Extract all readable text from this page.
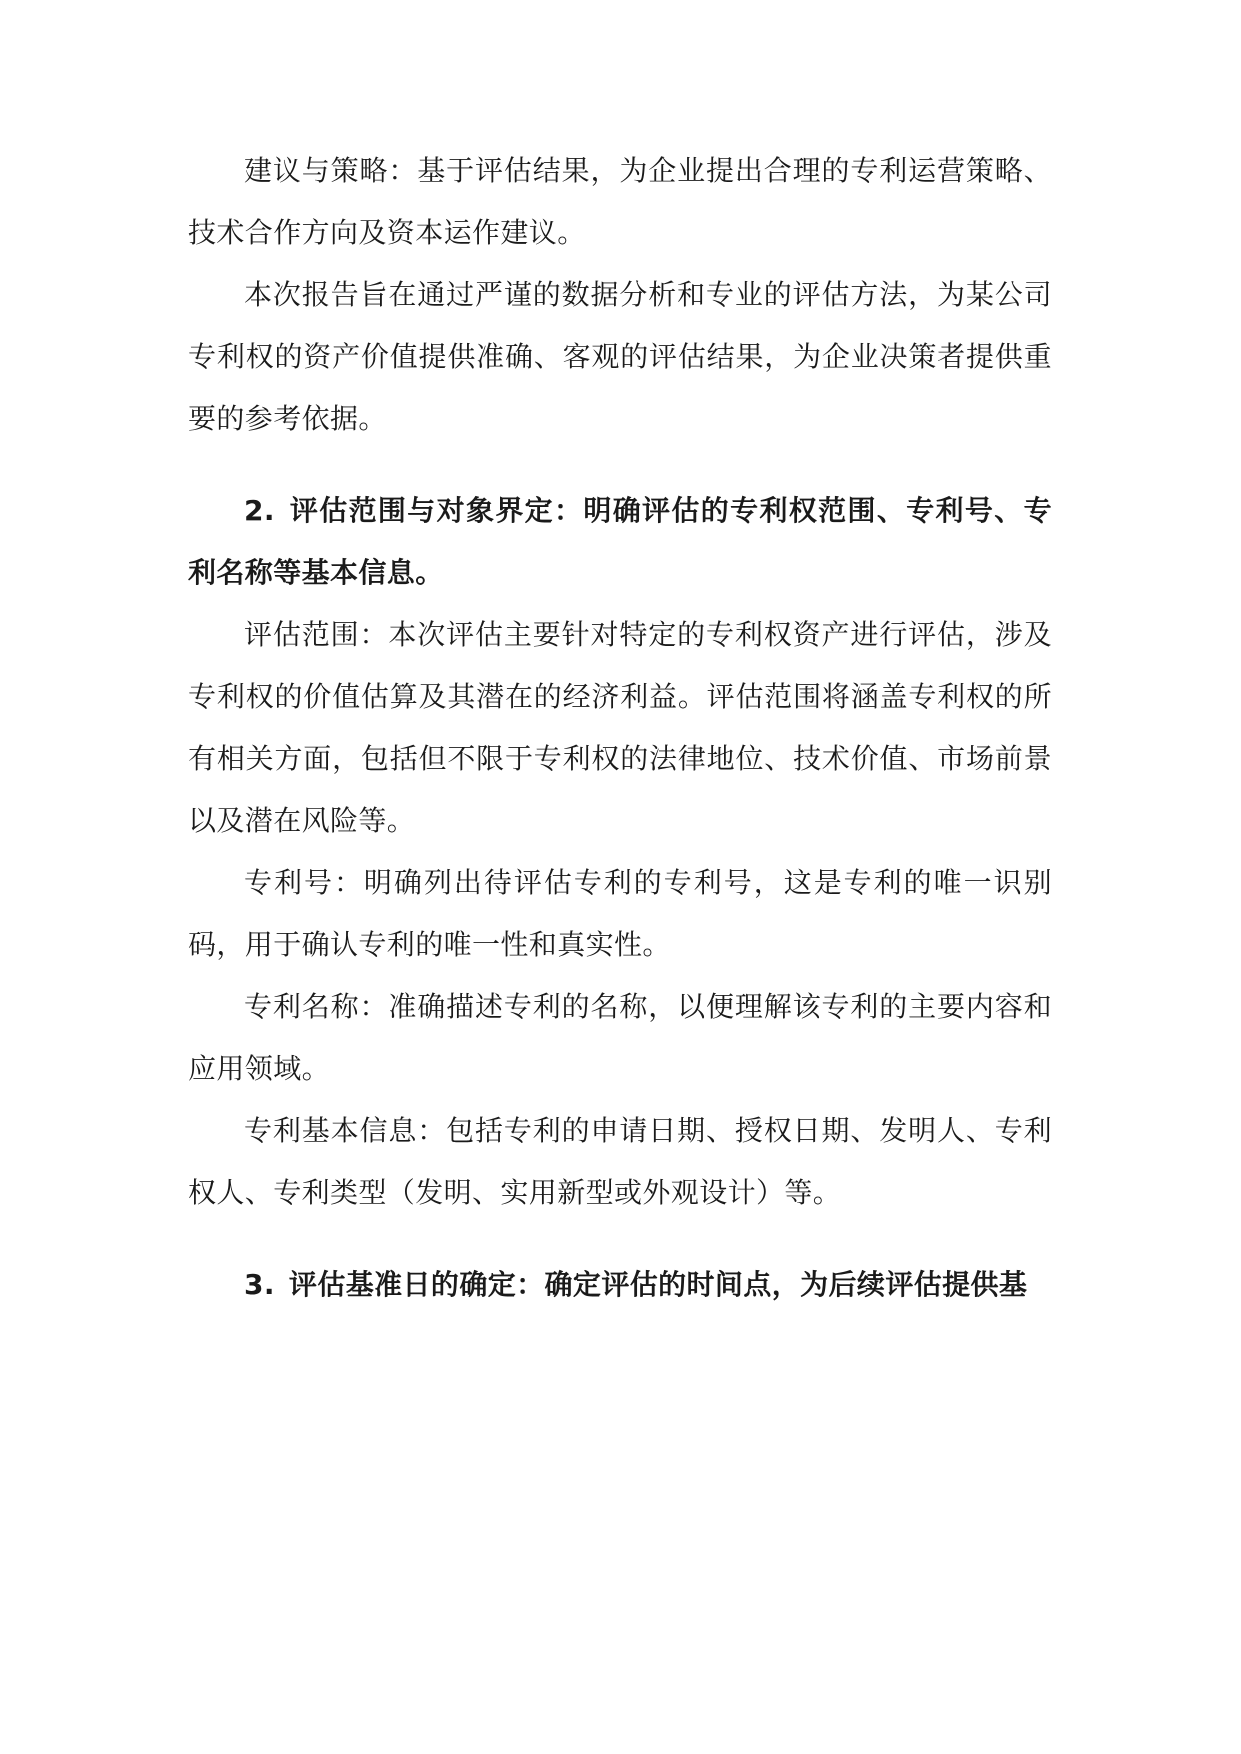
建议与策略：基于评估结果，为企业提出合理的专利运营策略、技术合作方向及资本运作建议。

本次报告旨在通过严谨的数据分析和专业的评估方法，为某公司专利权的资产价值提供准确、客观的评估结果，为企业决策者提供重要的参考依据。

2. 评估范围与对象界定：明确评估的专利权范围、专利号、专利名称等基本信息。

评估范围：本次评估主要针对特定的专利权资产进行评估，涉及专利权的价值估算及其潜在的经济利益。评估范围将涵盖专利权的所有相关方面，包括但不限于专利权的法律地位、技术价值、市场前景以及潜在风险等。

专利号：明确列出待评估专利的专利号，这是专利的唯一识别码，用于确认专利的唯一性和真实性。

专利名称：准确描述专利的名称，以便理解该专利的主要内容和应用领域。

专利基本信息：包括专利的申请日期、授权日期、发明人、专利权人、专利类型（发明、实用新型或外观设计）等。

3. 评估基准日的确定：确定评估的时间点，为后续评估提供基
